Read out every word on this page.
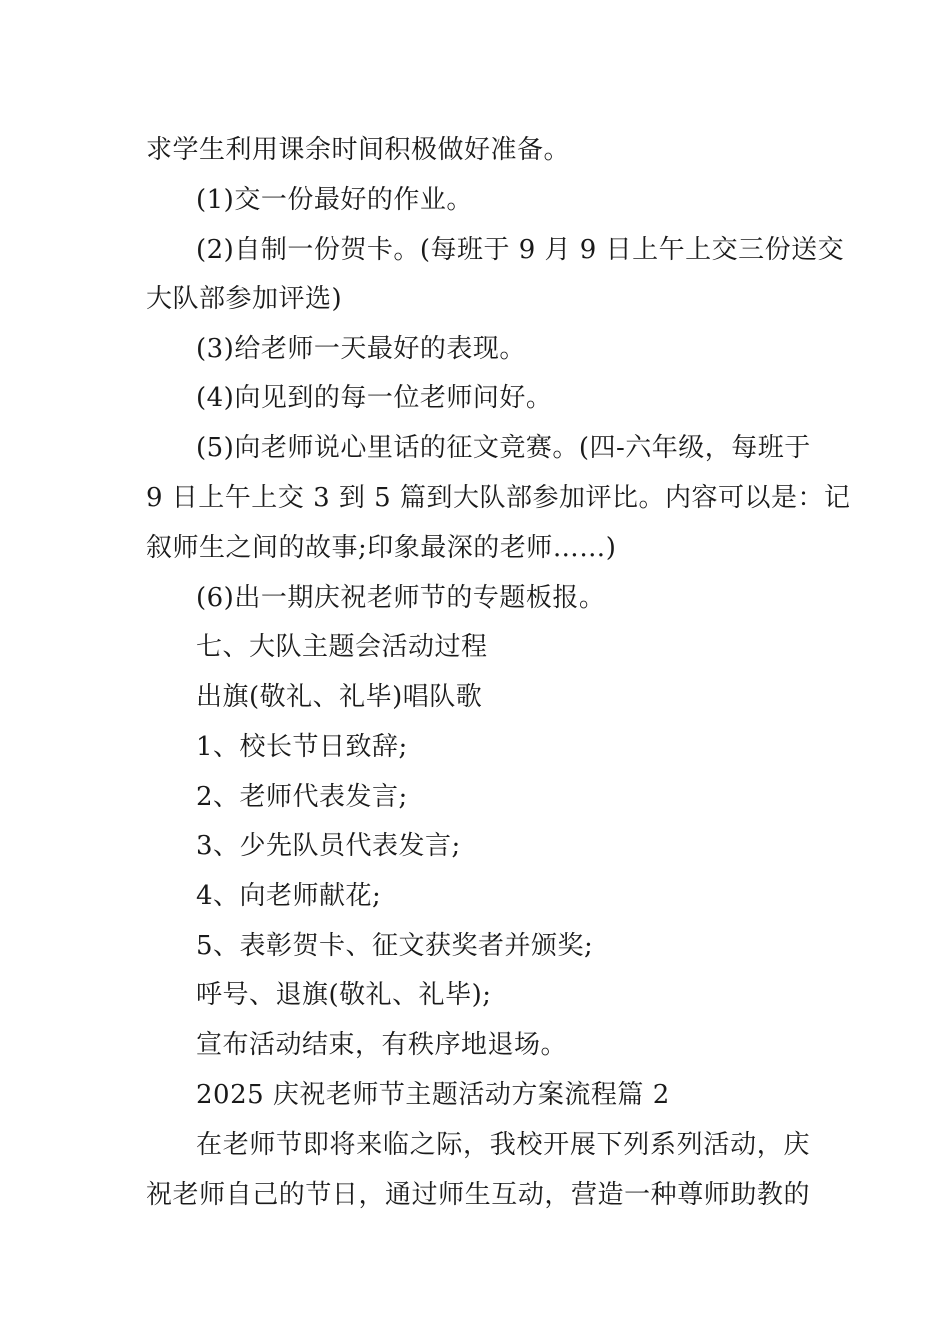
求学生利用课余时间积极做好准备。
(1)交一份最好的作业。
(2)自制一份贺卡。(每班于 9 月 9 日上午上交三份送交
大队部参加评选)
(3)给老师一天最好的表现。
(4)向见到的每一位老师问好。
(5)向老师说心里话的征文竞赛。(四-六年级，每班于
9 日上午上交 3 到 5 篇到大队部参加评比。内容可以是：记
叙师生之间的故事;印象最深的老师……)
(6)出一期庆祝老师节的专题板报。
七、大队主题会活动过程
出旗(敬礼、礼毕)唱队歌
1、校长节日致辞;
2、老师代表发言;
3、少先队员代表发言;
4、向老师献花;
5、表彰贺卡、征文获奖者并颁奖;
呼号、退旗(敬礼、礼毕);
宣布活动结束，有秩序地退场。
2025 庆祝老师节主题活动方案流程篇 2
在老师节即将来临之际，我校开展下列系列活动，庆
祝老师自己的节日，通过师生互动，营造一种尊师助教的
